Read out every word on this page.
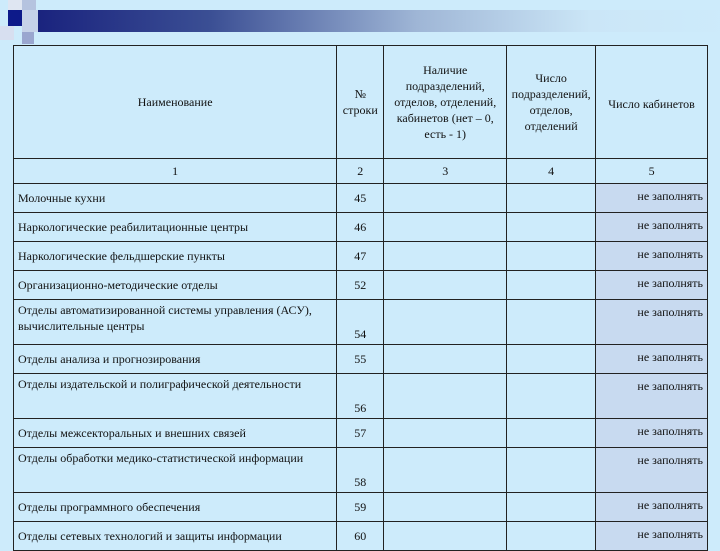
Наименование	№ строки	Наличие подразделений, отделов, отделений, кабинетов (нет – 0, есть - 1)	Число подразделений, отделов, отделений	Число кабинетов
1	2	3	4	5
Молочные кухни	45			не заполнять
Наркологические реабилитационные центры	46			не заполнять
Наркологические фельдшерские пункты	47			не заполнять
Организационно-методические отделы	52			не заполнять
Отделы автоматизированной системы управления (АСУ), вычислительные центры	54			не заполнять
Отделы анализа и прогнозирования	55			не заполнять
Отделы издательской и полиграфической деятельности	56			не заполнять
Отделы межсекторальных и внешних связей	57			не заполнять
Отделы обработки медико-статистической информации	58			не заполнять
Отделы программного обеспечения	59			не заполнять
Отделы сетевых технологий и защиты информации	60			не заполнять
